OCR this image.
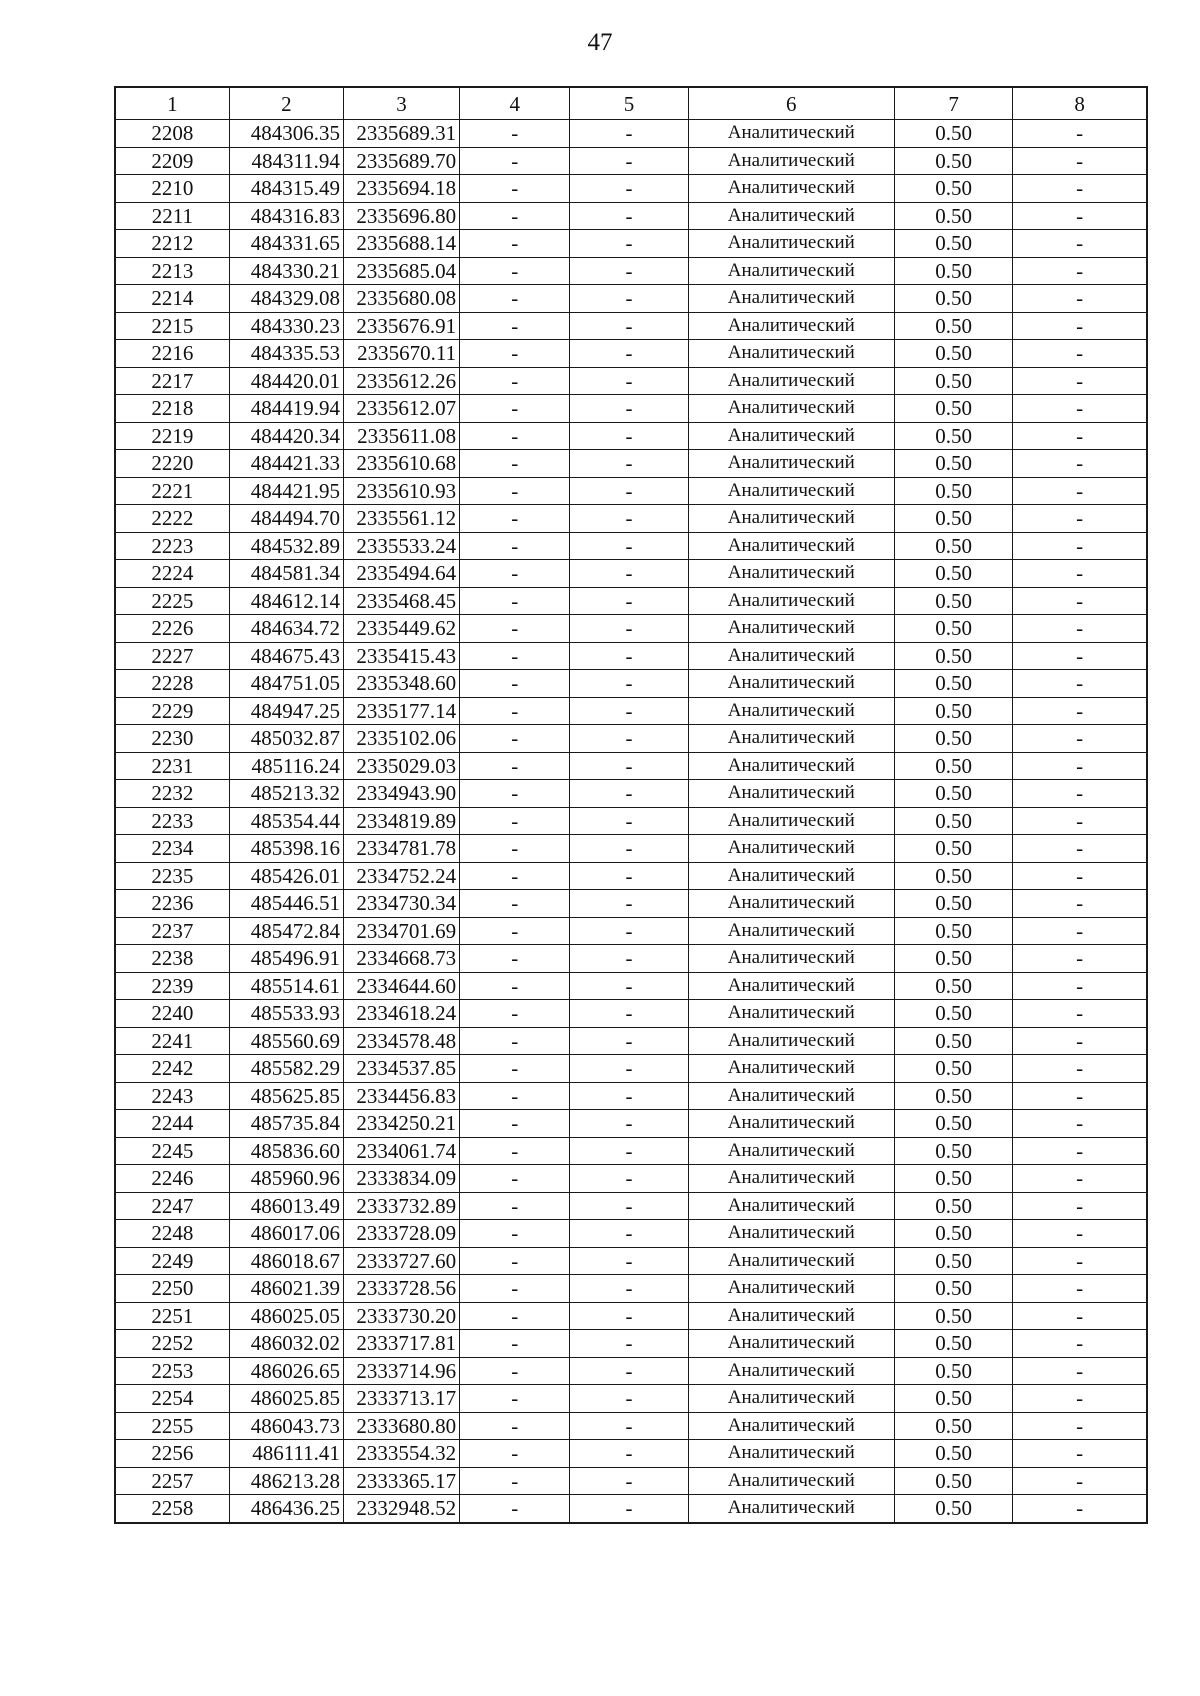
47
1	2	3	4	5	6	7	8
2208	484306.35	2335689.31	-	-	Аналитический	0.50	-
2209	484311.94	2335689.70	-	-	Аналитический	0.50	-
2210	484315.49	2335694.18	-	-	Аналитический	0.50	-
2211	484316.83	2335696.80	-	-	Аналитический	0.50	-
2212	484331.65	2335688.14	-	-	Аналитический	0.50	-
2213	484330.21	2335685.04	-	-	Аналитический	0.50	-
2214	484329.08	2335680.08	-	-	Аналитический	0.50	-
2215	484330.23	2335676.91	-	-	Аналитический	0.50	-
2216	484335.53	2335670.11	-	-	Аналитический	0.50	-
2217	484420.01	2335612.26	-	-	Аналитический	0.50	-
2218	484419.94	2335612.07	-	-	Аналитический	0.50	-
2219	484420.34	2335611.08	-	-	Аналитический	0.50	-
2220	484421.33	2335610.68	-	-	Аналитический	0.50	-
2221	484421.95	2335610.93	-	-	Аналитический	0.50	-
2222	484494.70	2335561.12	-	-	Аналитический	0.50	-
2223	484532.89	2335533.24	-	-	Аналитический	0.50	-
2224	484581.34	2335494.64	-	-	Аналитический	0.50	-
2225	484612.14	2335468.45	-	-	Аналитический	0.50	-
2226	484634.72	2335449.62	-	-	Аналитический	0.50	-
2227	484675.43	2335415.43	-	-	Аналитический	0.50	-
2228	484751.05	2335348.60	-	-	Аналитический	0.50	-
2229	484947.25	2335177.14	-	-	Аналитический	0.50	-
2230	485032.87	2335102.06	-	-	Аналитический	0.50	-
2231	485116.24	2335029.03	-	-	Аналитический	0.50	-
2232	485213.32	2334943.90	-	-	Аналитический	0.50	-
2233	485354.44	2334819.89	-	-	Аналитический	0.50	-
2234	485398.16	2334781.78	-	-	Аналитический	0.50	-
2235	485426.01	2334752.24	-	-	Аналитический	0.50	-
2236	485446.51	2334730.34	-	-	Аналитический	0.50	-
2237	485472.84	2334701.69	-	-	Аналитический	0.50	-
2238	485496.91	2334668.73	-	-	Аналитический	0.50	-
2239	485514.61	2334644.60	-	-	Аналитический	0.50	-
2240	485533.93	2334618.24	-	-	Аналитический	0.50	-
2241	485560.69	2334578.48	-	-	Аналитический	0.50	-
2242	485582.29	2334537.85	-	-	Аналитический	0.50	-
2243	485625.85	2334456.83	-	-	Аналитический	0.50	-
2244	485735.84	2334250.21	-	-	Аналитический	0.50	-
2245	485836.60	2334061.74	-	-	Аналитический	0.50	-
2246	485960.96	2333834.09	-	-	Аналитический	0.50	-
2247	486013.49	2333732.89	-	-	Аналитический	0.50	-
2248	486017.06	2333728.09	-	-	Аналитический	0.50	-
2249	486018.67	2333727.60	-	-	Аналитический	0.50	-
2250	486021.39	2333728.56	-	-	Аналитический	0.50	-
2251	486025.05	2333730.20	-	-	Аналитический	0.50	-
2252	486032.02	2333717.81	-	-	Аналитический	0.50	-
2253	486026.65	2333714.96	-	-	Аналитический	0.50	-
2254	486025.85	2333713.17	-	-	Аналитический	0.50	-
2255	486043.73	2333680.80	-	-	Аналитический	0.50	-
2256	486111.41	2333554.32	-	-	Аналитический	0.50	-
2257	486213.28	2333365.17	-	-	Аналитический	0.50	-
2258	486436.25	2332948.52	-	-	Аналитический	0.50	-
